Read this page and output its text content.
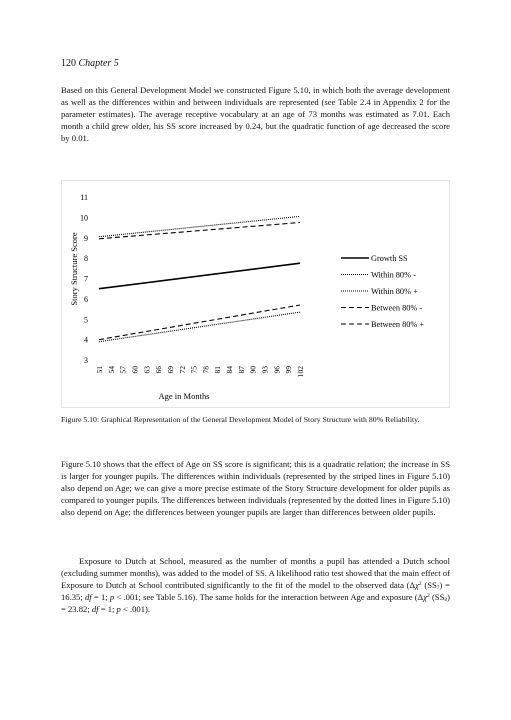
120 Chapter 5

Based on this General Development Model we constructed Figure 5.10, in which both the average development as well as the differences within and between individuals are represented (see Table 2.4 in Appendix 2 for the parameter estimates). The average receptive vocabulary at an age of 73 months was estimated as 7.01. Each month a child grew older, his SS score increased by 0.24, but the quadratic function of age decreased the score by 0.01.

3
4
5
6
7
8
9
10
11
51 54 57 60 63 66 69 72 75 78 81 84 87 90 93 96 99 102
Growth SS
Within 80% -
Within 80% +
Between 80% -
Between 80% +
Story Structure Score
Age in Months

Figure 5.10: Graphical Representation of the General Development Model of Story Structure with 80% Reliability.

Figure 5.10 shows that the effect of Age on SS score is significant; this is a quadratic relation; the increase in SS is larger for younger pupils. The differences within individuals (represented by the striped lines in Figure 5.10) also depend on Age; we can give a more precise estimate of the Story Structure development for older pupils as compared to younger pupils. The differences between individuals (represented by the dotted lines in Figure 5.10) also depend on Age; the differences between younger pupils are larger than differences between older pupils.

Exposure to Dutch at School, measured as the number of months a pupil has attended a Dutch school (excluding summer months), was added to the model of SS. A likelihood ratio test showed that the main effect of Exposure to Dutch at School contributed significantly to the fit of the model to the observed data ($\Delta\chi^2$ $(SS_7) = 16.35$; df = 1; p < .001; see Table 5.16). The same holds for the interaction between Age and exposure ($\Delta\chi^2$ $(SS_8) = 23.82$; df = 1; p < .001).
